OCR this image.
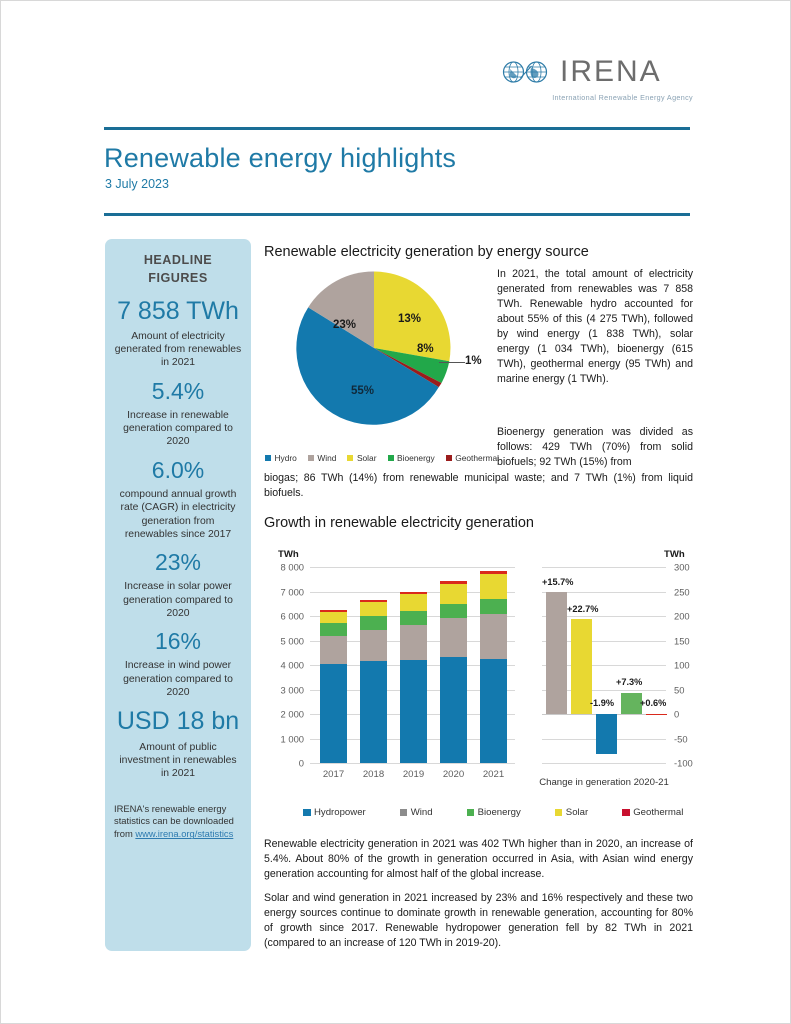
IRENA
International Renewable Energy Agency
Renewable energy highlights
3 July 2023
HEADLINE FIGURES
7 858 TWh
Amount of electricity generated from renewables in 2021
5.4%
Increase in renewable generation compared to 2020
6.0%
compound annual growth rate (CAGR) in electricity generation from renewables since 2017
23%
Increase in solar power generation compared to 2020
16%
Increase in wind power generation compared to 2020
USD 18 bn
Amount of public investment in renewables in 2021
IRENA's renewable energy statistics can be downloaded from www.irena.org/statistics
Renewable electricity generation by energy source
55%
23%	13%
8%
1%
Hydro Wind Solar Bioenergy Geothermal
In 2021, the total amount of electricity generated from renewables was 7 858 TWh. Renewable hydro accounted for about 55% of this (4 275 TWh), followed by wind energy (1 838 TWh), solar energy (1 034 TWh), bioenergy (615 TWh), geothermal energy (95 TWh) and marine energy (1 TWh).
Bioenergy generation was divided as follows: 429 TWh (70%) from solid biofuels; 92 TWh (15%) from
biogas; 86 TWh (14%) from renewable municipal waste; and 7 TWh (1%) from liquid biofuels.
Growth in renewable electricity generation
TWh	TWh
0
1 000
2 000
3 000
4 000
5 000
6 000
7 000
8 000
2017 2018 2019 2020 2021
-100
-50
0
50
100
150
200
250
300
+15.7%
+22.7%
-1.9%
+7.3%
+0.6%
Change in generation 2020-21
Hydropower	Wind	Bioenergy	Solar	Geothermal
Renewable electricity generation in 2021 was 402 TWh higher than in 2020, an increase of 5.4%. About 80% of the growth in generation occurred in Asia, with Asian wind energy generation accounting for almost half of the global increase.
Solar and wind generation in 2021 increased by 23% and 16% respectively and these two energy sources continue to dominate growth in renewable generation, accounting for 80% of growth since 2017. Renewable hydropower generation fell by 82 TWh in 2021 (compared to an increase of 120 TWh in 2019-20).
